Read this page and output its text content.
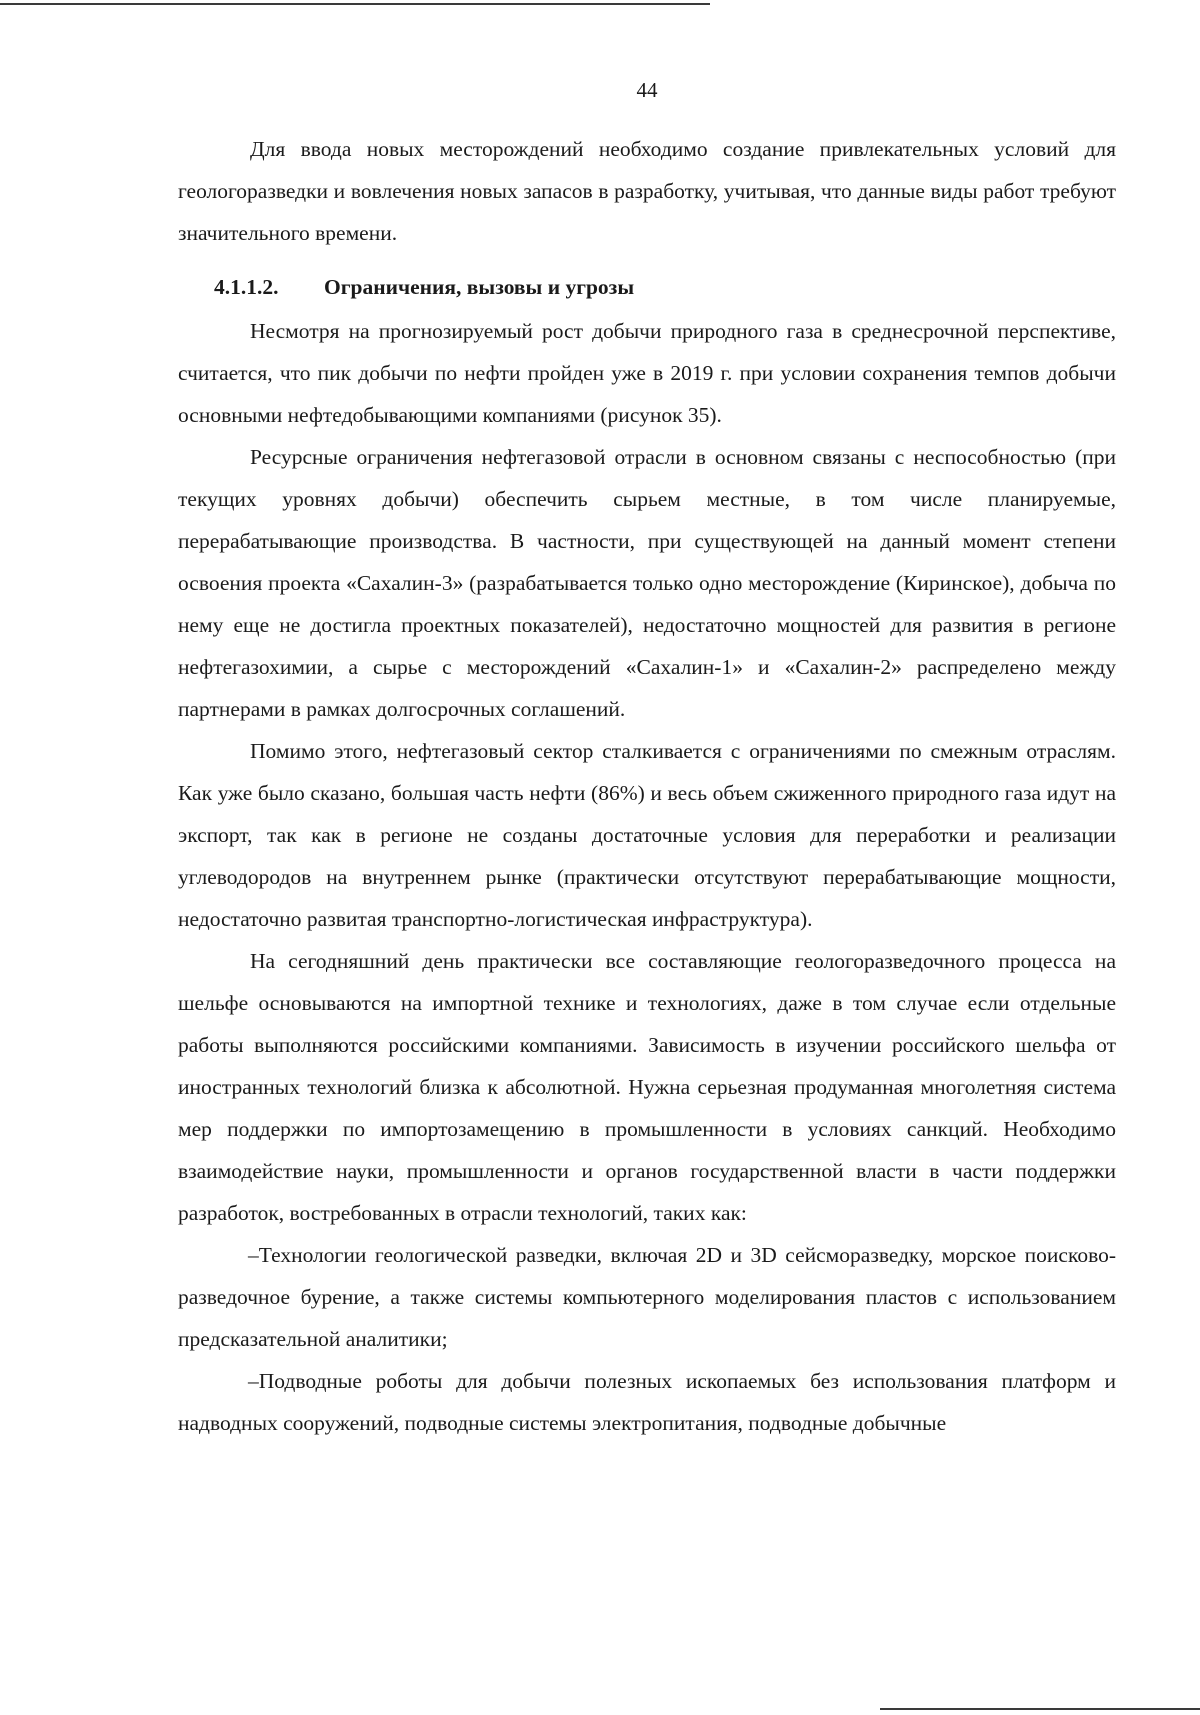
44

Для ввода новых месторождений необходимо создание привлекательных условий для геологоразведки и вовлечения новых запасов в разработку, учитывая, что данные виды работ требуют значительного времени.

4.1.1.2. Ограничения, вызовы и угрозы

Несмотря на прогнозируемый рост добычи природного газа в среднесрочной перспективе, считается, что пик добычи по нефти пройден уже в 2019 г. при условии сохранения темпов добычи основными нефтедобывающими компаниями (рисунок 35).

Ресурсные ограничения нефтегазовой отрасли в основном связаны с неспособностью (при текущих уровнях добычи) обеспечить сырьем местные, в том числе планируемые, перерабатывающие производства. В частности, при существующей на данный момент степени освоения проекта «Сахалин-3» (разрабатывается только одно месторождение (Киринское), добыча по нему еще не достигла проектных показателей), недостаточно мощностей для развития в регионе нефтегазохимии, а сырье с месторождений «Сахалин-1» и «Сахалин-2» распределено между партнерами в рамках долгосрочных соглашений.

Помимо этого, нефтегазовый сектор сталкивается с ограничениями по смежным отраслям. Как уже было сказано, большая часть нефти (86%) и весь объем сжиженного природного газа идут на экспорт, так как в регионе не созданы достаточные условия для переработки и реализации углеводородов на внутреннем рынке (практически отсутствуют перерабатывающие мощности, недостаточно развитая транспортно-логистическая инфраструктура).

На сегодняшний день практически все составляющие геологоразведочного процесса на шельфе основываются на импортной технике и технологиях, даже в том случае если отдельные работы выполняются российскими компаниями. Зависимость в изучении российского шельфа от иностранных технологий близка к абсолютной. Нужна серьезная продуманная многолетняя система мер поддержки по импортозамещению в промышленности в условиях санкций. Необходимо взаимодействие науки, промышленности и органов государственной власти в части поддержки разработок, востребованных в отрасли технологий, таких как:

–Технологии геологической разведки, включая 2D и 3D сейсморазведку, морское поисково-разведочное бурение, а также системы компьютерного моделирования пластов с использованием предсказательной аналитики;

–Подводные роботы для добычи полезных ископаемых без использования платформ и надводных сооружений, подводные системы электропитания, подводные добычные
